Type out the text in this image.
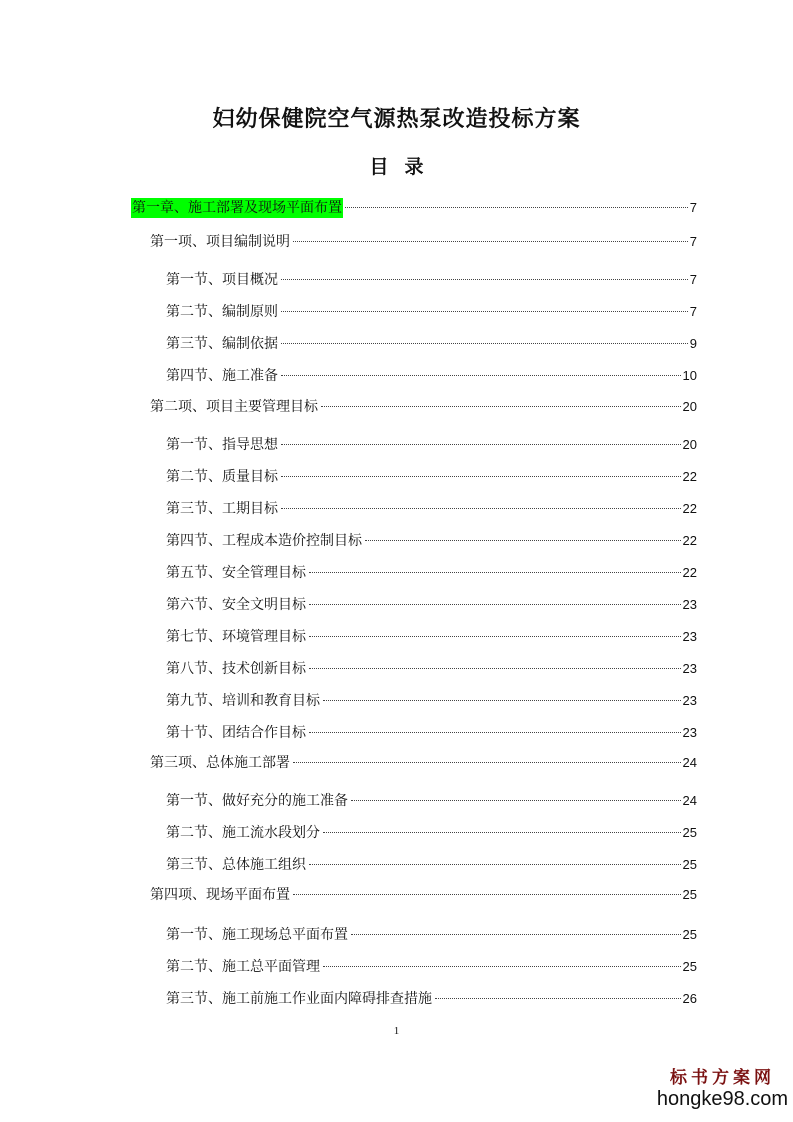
妇幼保健院空气源热泵改造投标方案
目 录
第一章、施工部署及现场平面布置	7
第一项、项目编制说明	7
第一节、项目概况	7
第二节、编制原则	7
第三节、编制依据	9
第四节、施工准备	10
第二项、项目主要管理目标	20
第一节、指导思想	20
第二节、质量目标	22
第三节、工期目标	22
第四节、工程成本造价控制目标	22
第五节、安全管理目标	22
第六节、安全文明目标	23
第七节、环境管理目标	23
第八节、技术创新目标	23
第九节、培训和教育目标	23
第十节、团结合作目标	23
第三项、总体施工部署	24
第一节、做好充分的施工准备	24
第二节、施工流水段划分	25
第三节、总体施工组织	25
第四项、现场平面布置	25
第一节、施工现场总平面布置	25
第二节、施工总平面管理	25
第三节、施工前施工作业面内障碍排查措施	26
1
标书方案网
hongke98.com
